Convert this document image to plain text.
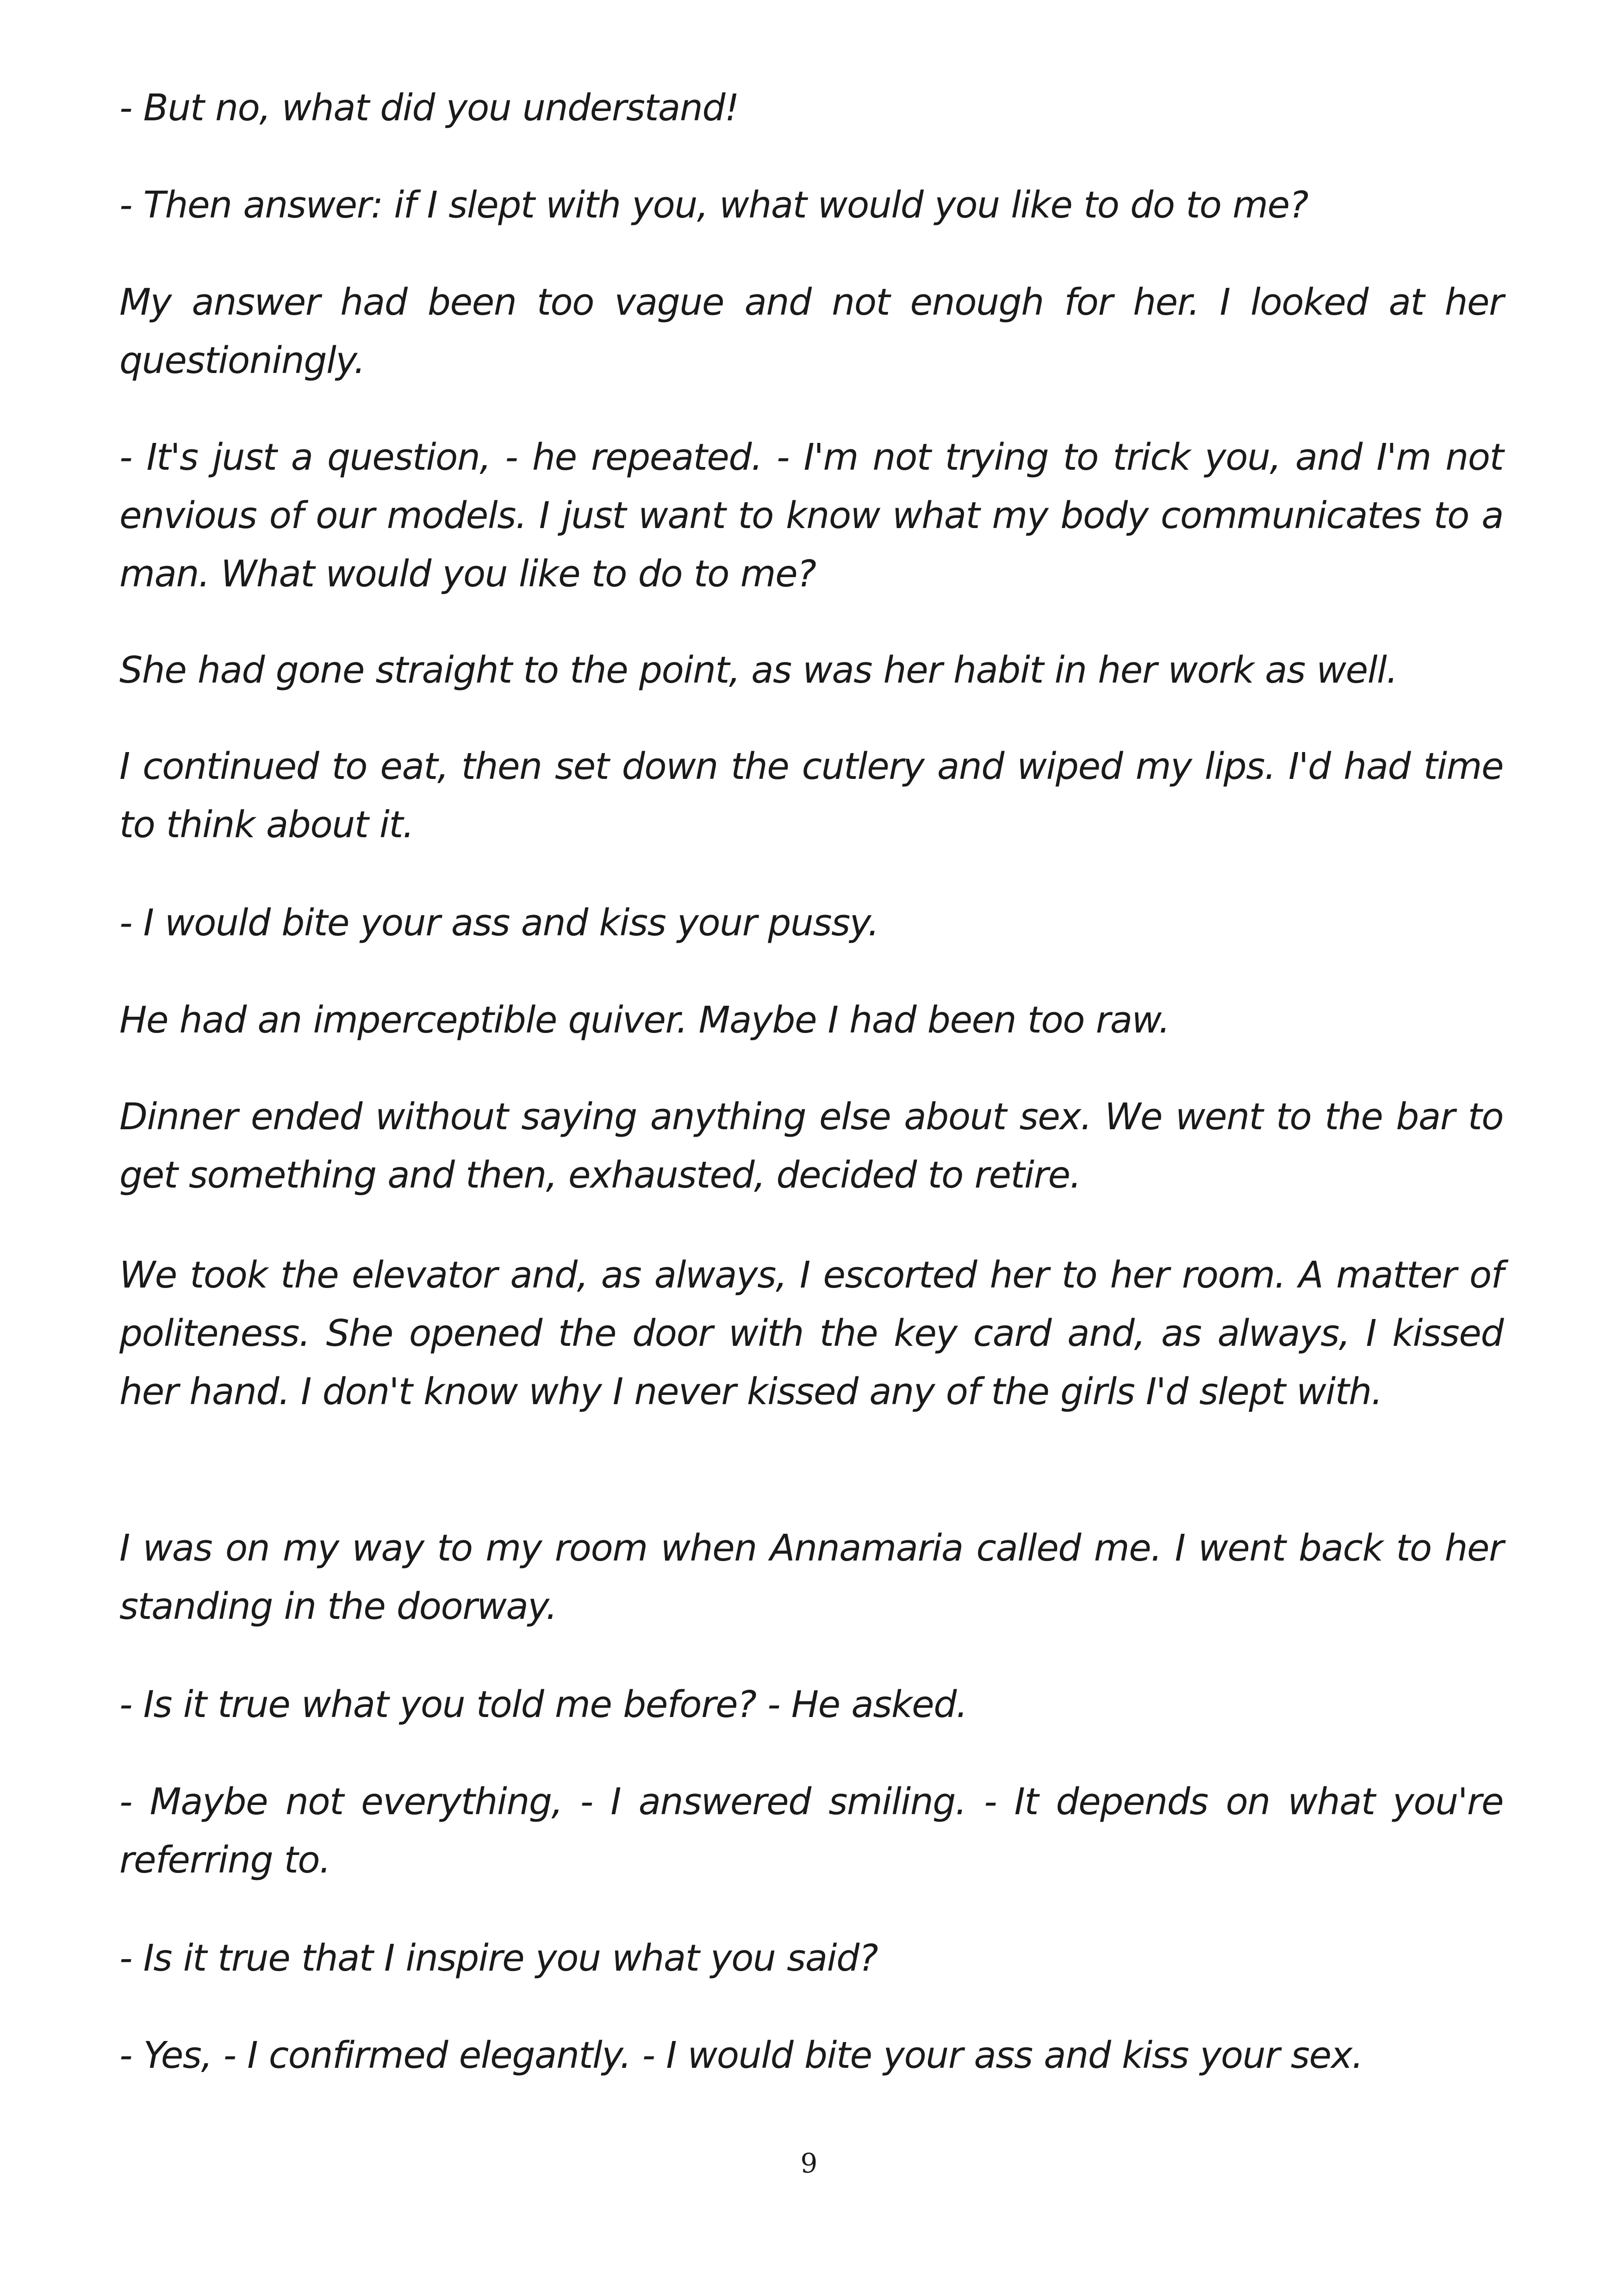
- But no, what did you understand!

- Then answer: if I slept with you, what would you like to do to me?

My answer had been too vague and not enough for her. I looked at her questioningly.

- It's just a question, - he repeated. - I'm not trying to trick you, and I'm not envious of our models. I just want to know what my body communicates to a man. What would you like to do to me?

She had gone straight to the point, as was her habit in her work as well.

I continued to eat, then set down the cutlery and wiped my lips. I'd had time to think about it.

- I would bite your ass and kiss your pussy.

He had an imperceptible quiver. Maybe I had been too raw.

Dinner ended without saying anything else about sex. We went to the bar to get something and then, exhausted, decided to retire.

We took the elevator and, as always, I escorted her to her room. A matter of politeness. She opened the door with the key card and, as always, I kissed her hand. I don't know why I never kissed any of the girls I'd slept with.

I was on my way to my room when Annamaria called me. I went back to her standing in the doorway.

- Is it true what you told me before? - He asked.

- Maybe not everything, - I answered smiling. - It depends on what you're referring to.

- Is it true that I inspire you what you said?

- Yes, - I confirmed elegantly. - I would bite your ass and kiss your sex.

9
